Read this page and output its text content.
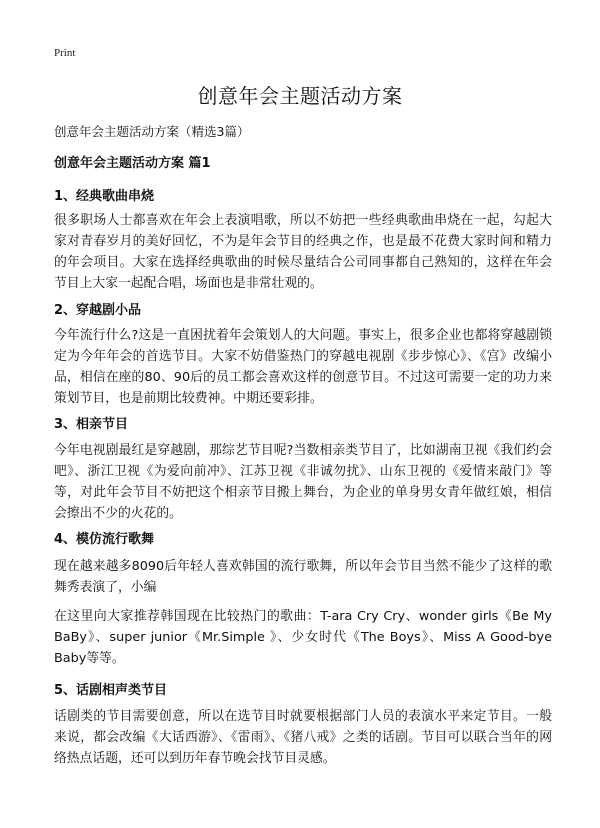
Print
创意年会主题活动方案
创意年会主题活动方案（精选3篇）
创意年会主题活动方案 篇1
1、经典歌曲串烧

很多职场人士都喜欢在年会上表演唱歌，所以不妨把一些经典歌曲串烧在一起，勾起大家对青春岁月的美好回忆，不为是年会节目的经典之作，也是最不花费大家时间和精力的年会项目。大家在选择经典歌曲的时候尽量结合公司同事都自己熟知的，这样在年会节目上大家一起配合唱，场面也是非常壮观的。

2、穿越剧小品

今年流行什么?这是一直困扰着年会策划人的大问题。事实上，很多企业也都将穿越剧锁定为今年年会的首选节目。大家不妨借鉴热门的穿越电视剧《步步惊心》、《宫》改编小品，相信在座的80、90后的员工都会喜欢这样的创意节目。不过这可需要一定的功力来策划节目，也是前期比较费神。中期还要彩排。

3、相亲节目

今年电视剧最红是穿越剧，那综艺节目呢?当数相亲类节目了，比如湖南卫视《我们约会吧》、浙江卫视《为爱向前冲》、江苏卫视《非诚勿扰》、山东卫视的《爱情来敲门》等等，对此年会节目不妨把这个相亲节目搬上舞台，为企业的单身男女青年做红娘，相信会擦出不少的火花的。

4、模仿流行歌舞

现在越来越多8090后年轻人喜欢韩国的流行歌舞，所以年会节目当然不能少了这样的歌舞秀表演了，小编

在这里向大家推荐韩国现在比较热门的歌曲：T-ara Cry Cry、wonder girls《Be My BaBy》、super junior《Mr.Simple 》、少女时代《The Boys》、Miss A Good-bye Baby等等。

5、话剧相声类节目

话剧类的节目需要创意，所以在选节目时就要根据部门人员的表演水平来定节目。一般来说，都会改编《大话西游》、《雷雨》、《猪八戒》之类的话剧。节目可以联合当年的网络热点话题，还可以到历年春节晚会找节目灵感。
